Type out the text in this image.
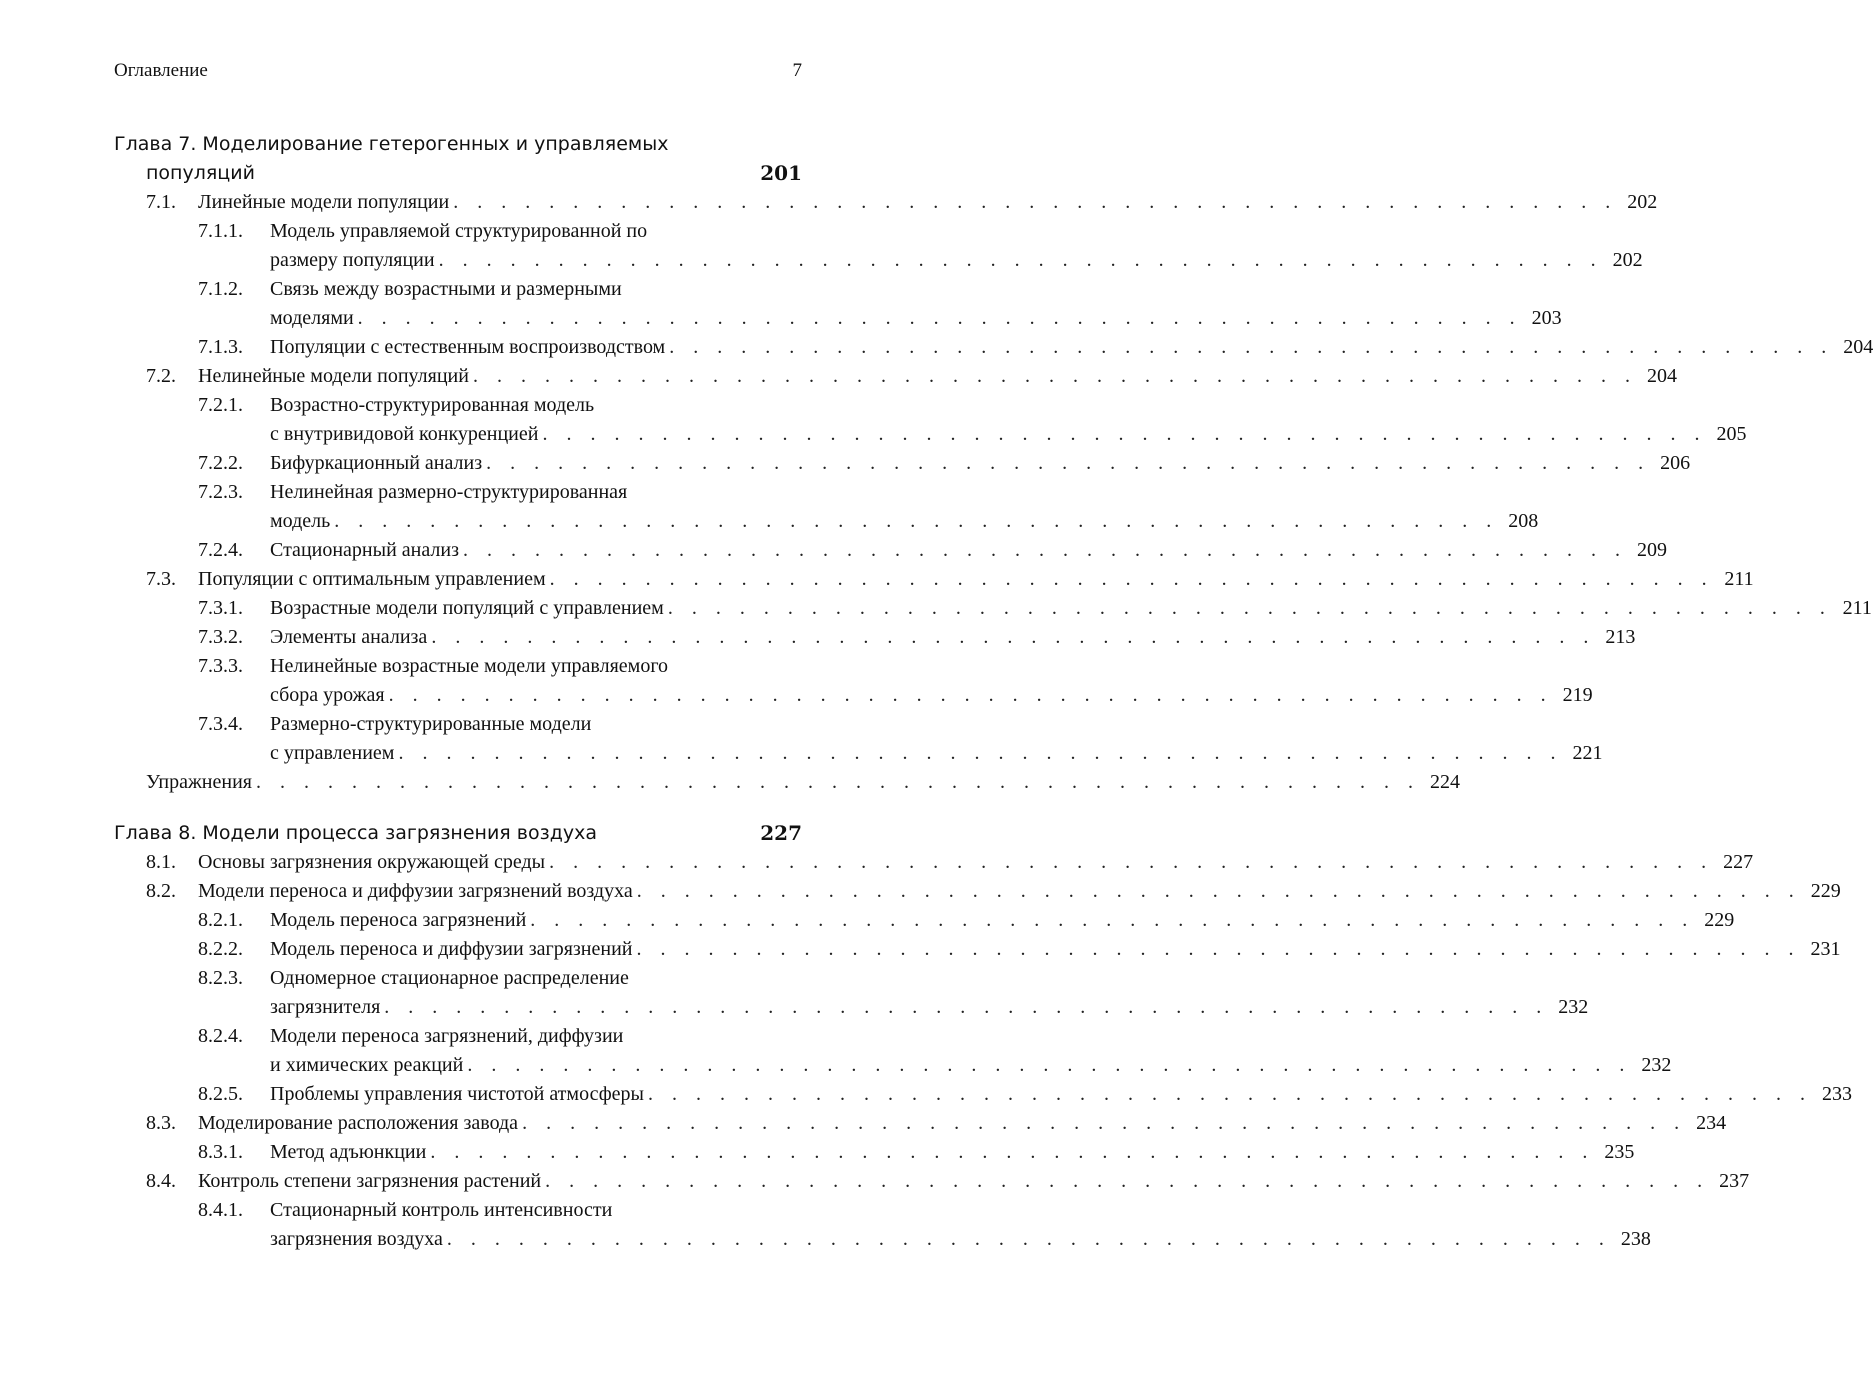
Оглавление	7
Глава 7. Моделирование гетерогенных и управляемых
популяций	201
7.1. Линейные модели популяции . . . . . . . . . . . . . . . . . . . . . . . . . . . . . . . . . . . . . . . . . . . . . . . . . 202
7.1.1. Модель управляемой структурированной по
размеру популяции . . . . . . . . . . . . . . . . . . . . . . . . . . . . . . . . . . . . . . . . . . . . . . . . . 202
7.1.2. Связь между возрастными и размерными
моделями . . . . . . . . . . . . . . . . . . . . . . . . . . . . . . . . . . . . . . . . . . . . . . . . . 203
7.1.3. Популяции с естественным воспроизводством . . . . . . . . . . . . . . . . . . . . . . . . . . . . . . . . . . . . . . . . . . . . . . . . . 204
7.2. Нелинейные модели популяций . . . . . . . . . . . . . . . . . . . . . . . . . . . . . . . . . . . . . . . . . . . . . . . . . 204
7.2.1. Возрастно-структурированная модель
с внутривидовой конкуренцией . . . . . . . . . . . . . . . . . . . . . . . . . . . . . . . . . . . . . . . . . . . . . . . . . 205
7.2.2. Бифуркационный анализ . . . . . . . . . . . . . . . . . . . . . . . . . . . . . . . . . . . . . . . . . . . . . . . . . 206
7.2.3. Нелинейная размерно-структурированная
модель . . . . . . . . . . . . . . . . . . . . . . . . . . . . . . . . . . . . . . . . . . . . . . . . . 208
7.2.4. Стационарный анализ . . . . . . . . . . . . . . . . . . . . . . . . . . . . . . . . . . . . . . . . . . . . . . . . . 209
7.3. Популяции с оптимальным управлением . . . . . . . . . . . . . . . . . . . . . . . . . . . . . . . . . . . . . . . . . . . . . . . . . 211
7.3.1. Возрастные модели популяций с управлением . . . . . . . . . . . . . . . . . . . . . . . . . . . . . . . . . . . . . . . . . . . . . . . . . 211
7.3.2. Элементы анализа . . . . . . . . . . . . . . . . . . . . . . . . . . . . . . . . . . . . . . . . . . . . . . . . . 213
7.3.3. Нелинейные возрастные модели управляемого
сбора урожая . . . . . . . . . . . . . . . . . . . . . . . . . . . . . . . . . . . . . . . . . . . . . . . . . 219
7.3.4. Размерно-структурированные модели
с управлением . . . . . . . . . . . . . . . . . . . . . . . . . . . . . . . . . . . . . . . . . . . . . . . . . 221
Упражнения . . . . . . . . . . . . . . . . . . . . . . . . . . . . . . . . . . . . . . . . . . . . . . . . . 224
Глава 8. Модели процесса загрязнения воздуха	227
8.1. Основы загрязнения окружающей среды . . . . . . . . . . . . . . . . . . . . . . . . . . . . . . . . . . . . . . . . . . . . . . . . . 227
8.2. Модели переноса и диффузии загрязнений воздуха . . . . . . . . . . . . . . . . . . . . . . . . . . . . . . . . . . . . . . . . . . . . . . . . . 229
8.2.1. Модель переноса загрязнений . . . . . . . . . . . . . . . . . . . . . . . . . . . . . . . . . . . . . . . . . . . . . . . . . 229
8.2.2. Модель переноса и диффузии загрязнений . . . . . . . . . . . . . . . . . . . . . . . . . . . . . . . . . . . . . . . . . . . . . . . . . 231
8.2.3. Одномерное стационарное распределение
загрязнителя . . . . . . . . . . . . . . . . . . . . . . . . . . . . . . . . . . . . . . . . . . . . . . . . . 232
8.2.4. Модели переноса загрязнений, диффузии
и химических реакций . . . . . . . . . . . . . . . . . . . . . . . . . . . . . . . . . . . . . . . . . . . . . . . . . 232
8.2.5. Проблемы управления чистотой атмосферы . . . . . . . . . . . . . . . . . . . . . . . . . . . . . . . . . . . . . . . . . . . . . . . . . 233
8.3. Моделирование расположения завода . . . . . . . . . . . . . . . . . . . . . . . . . . . . . . . . . . . . . . . . . . . . . . . . . 234
8.3.1. Метод адъюнкции . . . . . . . . . . . . . . . . . . . . . . . . . . . . . . . . . . . . . . . . . . . . . . . . . 235
8.4. Контроль степени загрязнения растений . . . . . . . . . . . . . . . . . . . . . . . . . . . . . . . . . . . . . . . . . . . . . . . . . 237
8.4.1. Стационарный контроль интенсивности
загрязнения воздуха . . . . . . . . . . . . . . . . . . . . . . . . . . . . . . . . . . . . . . . . . . . . . . . . . 238
